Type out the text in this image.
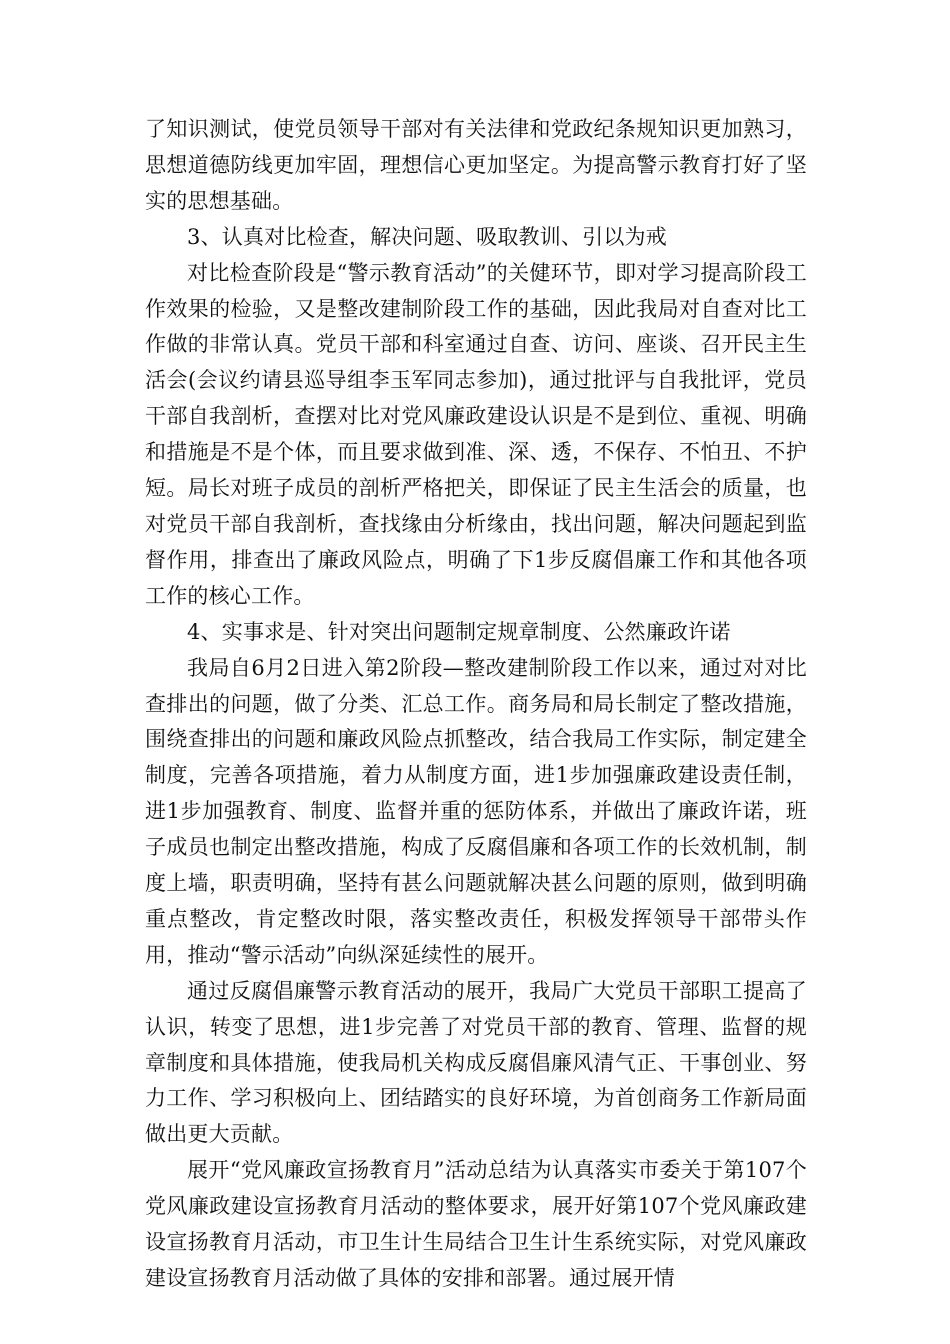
了知识测试，使党员领导干部对有关法律和党政纪条规知识更加熟习，思想道德防线更加牢固，理想信心更加坚定。为提高警示教育打好了坚实的思想基础。

3、认真对比检查，解决问题、吸取教训、引以为戒

对比检查阶段是“警示教育活动”的关健环节，即对学习提高阶段工作效果的检验，又是整改建制阶段工作的基础，因此我局对自查对比工作做的非常认真。党员干部和科室通过自查、访问、座谈、召开民主生活会(会议约请县巡导组李玉军同志参加)，通过批评与自我批评，党员干部自我剖析，查摆对比对党风廉政建设认识是不是到位、重视、明确和措施是不是个体，而且要求做到准、深、透，不保存、不怕丑、不护短。局长对班子成员的剖析严格把关，即保证了民主生活会的质量，也对党员干部自我剖析，查找缘由分析缘由，找出问题，解决问题起到监督作用，排查出了廉政风险点，明确了下1步反腐倡廉工作和其他各项工作的核心工作。

4、实事求是、针对突出问题制定规章制度、公然廉政许诺

我局自6月2日进入第2阶段—整改建制阶段工作以来，通过对对比查排出的问题，做了分类、汇总工作。商务局和局长制定了整改措施，围绕查排出的问题和廉政风险点抓整改，结合我局工作实际，制定建全制度，完善各项措施，着力从制度方面，进1步加强廉政建设责任制，进1步加强教育、制度、监督并重的惩防体系，并做出了廉政许诺，班子成员也制定出整改措施，构成了反腐倡廉和各项工作的长效机制，制度上墙，职责明确，坚持有甚么问题就解决甚么问题的原则，做到明确重点整改，肯定整改时限，落实整改责任，积极发挥领导干部带头作用，推动“警示活动”向纵深延续性的展开。

通过反腐倡廉警示教育活动的展开，我局广大党员干部职工提高了认识，转变了思想，进1步完善了对党员干部的教育、管理、监督的规章制度和具体措施，使我局机关构成反腐倡廉风清气正、干事创业、努力工作、学习积极向上、团结踏实的良好环境，为首创商务工作新局面做出更大贡献。

展开“党风廉政宣扬教育月”活动总结为认真落实市委关于第107个党风廉政建设宣扬教育月活动的整体要求，展开好第107个党风廉政建设宣扬教育月活动，市卫生计生局结合卫生计生系统实际，对党风廉政建设宣扬教育月活动做了具体的安排和部署。通过展开情
